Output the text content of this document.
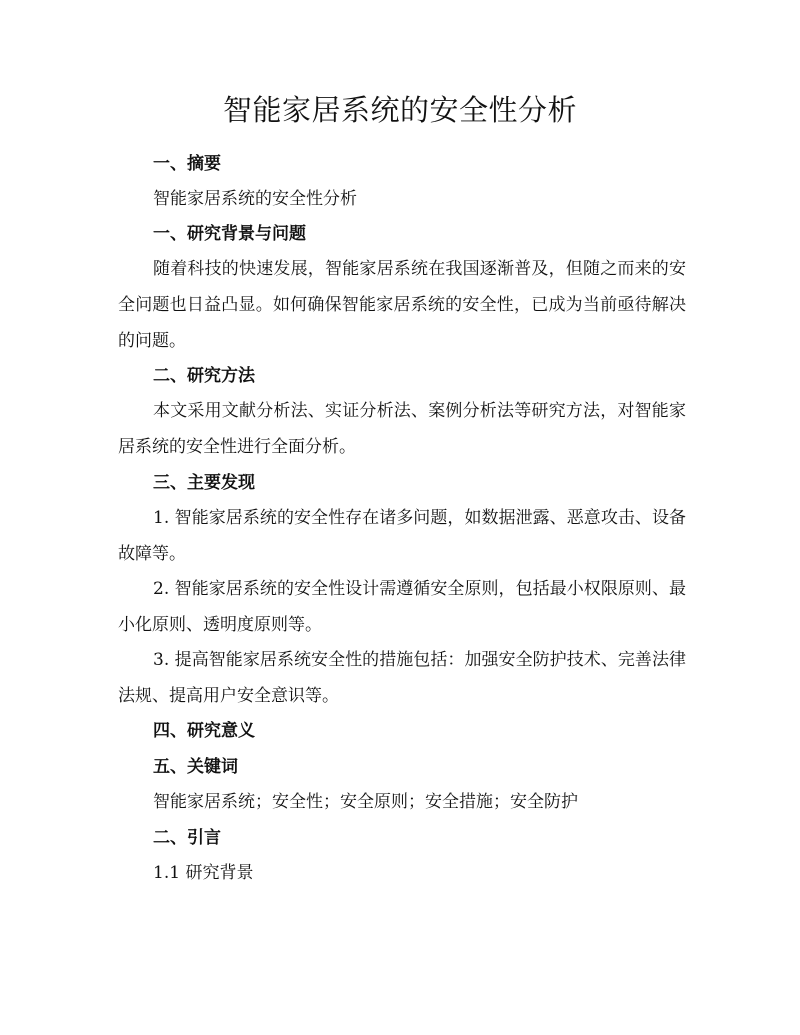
智能家居系统的安全性分析

一、摘要

智能家居系统的安全性分析

一、研究背景与问题

随着科技的快速发展，智能家居系统在我国逐渐普及，但随之而来的安全问题也日益凸显。如何确保智能家居系统的安全性，已成为当前亟待解决的问题。

二、研究方法

本文采用文献分析法、实证分析法、案例分析法等研究方法，对智能家居系统的安全性进行全面分析。

三、主要发现

1. 智能家居系统的安全性存在诸多问题，如数据泄露、恶意攻击、设备故障等。

2. 智能家居系统的安全性设计需遵循安全原则，包括最小权限原则、最小化原则、透明度原则等。

3. 提高智能家居系统安全性的措施包括：加强安全防护技术、完善法律法规、提高用户安全意识等。

四、研究意义

五、关键词

智能家居系统；安全性；安全原则；安全措施；安全防护

二、引言

1.1 研究背景
